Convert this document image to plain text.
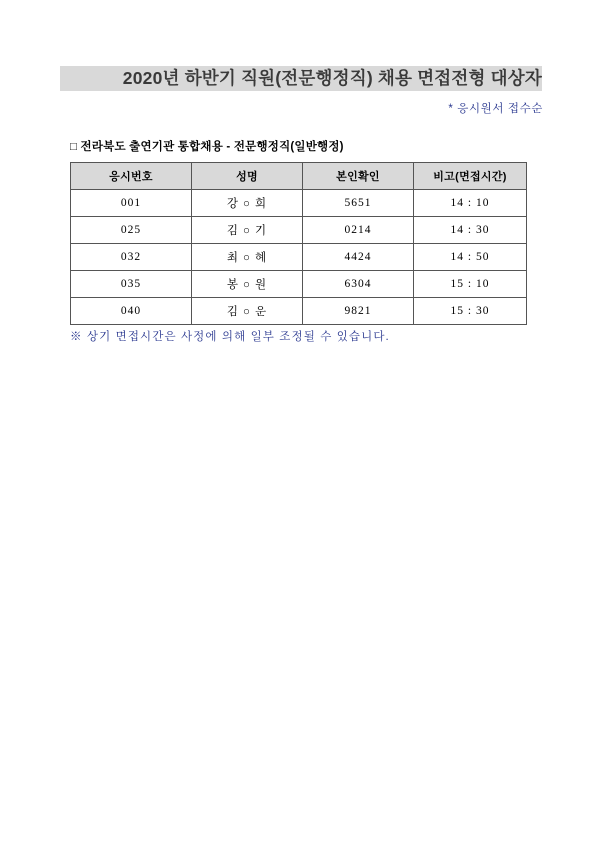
2020년 하반기 직원(전문행정직) 채용 면접전형 대상자
* 응시원서 접수순
□ 전라북도 출연기관 통합채용 - 전문행정직(일반행정)
응시번호	성명	본인확인	비고(면접시간)
001	강 ○ 희	5651	14 : 10
025	김 ○ 기	0214	14 : 30
032	최 ○ 혜	4424	14 : 50
035	봉 ○ 원	6304	15 : 10
040	김 ○ 운	9821	15 : 30
※ 상기 면접시간은 사정에 의해 일부 조정될 수 있습니다.
